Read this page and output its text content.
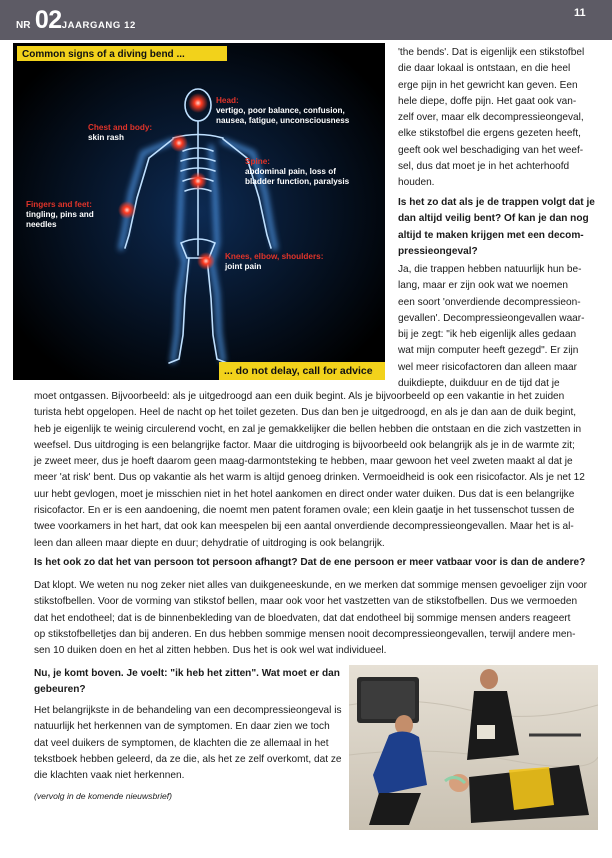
NR 02JAARGANG 12
11
Common signs of a diving bend ...
... do not delay, call for advice
Head:
vertigo, poor balance, confusion,
nausea, fatigue, unconsciousness
Chest and body:
skin rash
Spine:
abdominal pain, loss of
bladder function, paralysis
Fingers and feet:
tingling, pins and
needles
Knees, elbow, shoulders:
joint pain
'the bends'. Dat is eigenlijk een stikstofbel
die daar lokaal is ontstaan, en die heel
erge pijn in het gewricht kan geven. Een
hele diepe, doffe pijn. Het gaat ook van-
zelf over, maar elk decompressieongeval,
elke stikstofbel die ergens gezeten heeft,
geeft ook wel beschadiging van het weef-
sel, dus dat moet je in het achterhoofd
houden.
Is het zo dat als je de trappen volgt dat je
dan altijd veilig bent? Of kan je dan nog
altijd te maken krijgen met een decom-
pressieongeval?
Ja, die trappen hebben natuurlijk hun be-
lang, maar er zijn ook wat we noemen
een soort 'onverdiende decompressieon-
gevallen'. Decompressieongevallen waar-
bij je zegt: "ik heb eigenlijk alles gedaan
wat mijn computer heeft gezegd". Er zijn
wel meer risicofactoren dan alleen maar
duikdiepte, duikduur en de tijd dat je
moet ontgassen. Bijvoorbeeld: als je uitgedroogd aan een duik begint. Als je bijvoorbeeld op een vakantie in het zuiden
turista hebt opgelopen. Heel de nacht op het toilet gezeten. Dus dan ben je uitgedroogd, en als je dan aan de duik begint,
heb je eigenlijk te weinig circulerend vocht, en zal je gemakkelijker die bellen hebben die ontstaan en die zich vastzetten in
weefsel. Dus uitdroging is een belangrijke factor. Maar die uitdroging is bijvoorbeeld ook belangrijk als je in de warmte zit;
je zweet meer, dus je hoeft daarom geen maag-darmontsteking te hebben, maar gewoon het veel zweten maakt al dat je
meer 'at risk' bent. Dus op vakantie als het warm is altijd genoeg drinken. Vermoeidheid is ook een risicofactor. Als je net 12
uur hebt gevlogen, moet je misschien niet in het hotel aankomen en direct onder water duiken. Dus dat is een belangrijke
risicofactor. En er is een aandoening, die noemt men patent foramen ovale; een klein gaatje in het tussenschot tussen de
twee voorkamers in het hart, dat ook kan meespelen bij een aantal onverdiende decompressieongevallen. Maar het is al-
leen dan alleen maar diepte en duur; dehydratie of uitdroging is ook belangrijk.
Is het ook zo dat het van persoon tot persoon afhangt? Dat de ene persoon er meer vatbaar voor is dan de andere?
Dat klopt. We weten nu nog zeker niet alles van duikgeneeskunde, en we merken dat sommige mensen gevoeliger zijn voor
stikstofbellen. Voor de vorming van stikstof bellen, maar ook voor het vastzetten van de stikstofbellen. Dus we vermoeden
dat het endotheel; dat is de binnenbekleding van de bloedvaten, dat dat endotheel bij sommige mensen anders reageert
op stikstofbelletjes dan bij anderen. En dus hebben sommige mensen nooit decompressieongevallen, terwijl andere men-
sen 10 duiken doen en het al zitten hebben. Dus het is ook wel wat individueel.
Nu, je komt boven. Je voelt: "ik heb het zitten". Wat moet er dan
gebeuren?
Het belangrijkste in de behandeling van een decompressieongeval is
natuurlijk het herkennen van de symptomen. En daar zien we toch
dat veel duikers de symptomen, de klachten die ze allemaal in het
tekstboek hebben geleerd, da ze die, als het ze zelf overkomt, dat ze
die klachten vaak niet herkennen.
(vervolg in de komende nieuwsbrief)
